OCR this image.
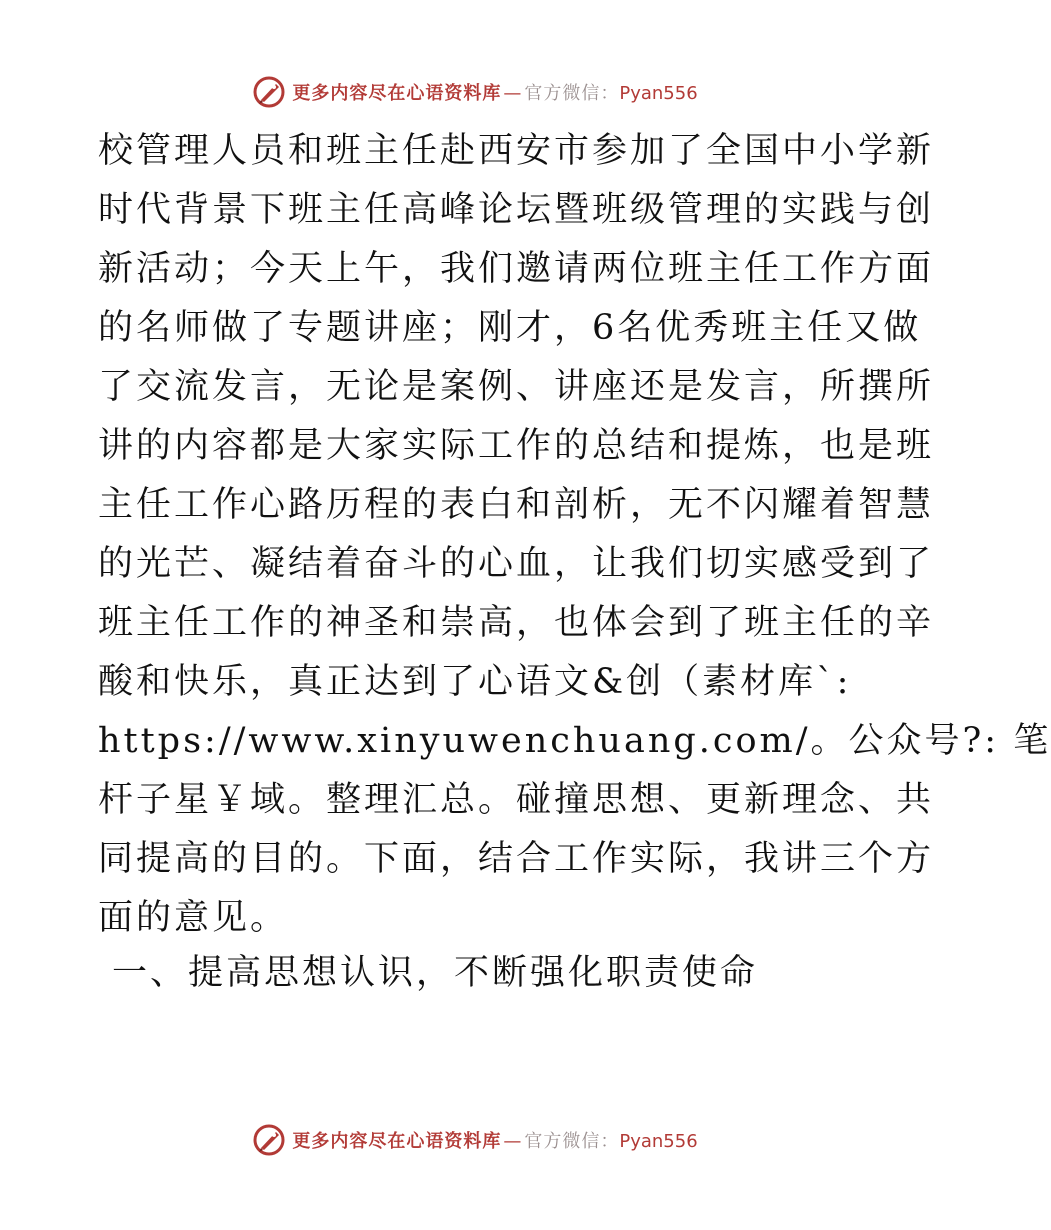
更多内容尽在心语资料库 — 官方微信：Pyan556
校管理人员和班主任赴西安市参加了全国中小学新
时代背景下班主任高峰论坛暨班级管理的实践与创
新活动；今天上午，我们邀请两位班主任工作方面
的名师做了专题讲座；刚才，6名优秀班主任又做
了交流发言，无论是案例、讲座还是发言，所撰所
讲的内容都是大家实际工作的总结和提炼，也是班
主任工作心路历程的表白和剖析，无不闪耀着智慧
的光芒、凝结着奋斗的心血，让我们切实感受到了
班主任工作的神圣和崇高，也体会到了班主任的辛
酸和快乐，真正达到了心语文&创（素材库`:
https://www.xinyuwenchuang.com/。公众号?: 笔
杆子星￥域。整理汇总。碰撞思想、更新理念、共
同提高的目的。下面，结合工作实际，我讲三个方
面的意见。
一、提高思想认识，不断强化职责使命
更多内容尽在心语资料库 — 官方微信：Pyan556
